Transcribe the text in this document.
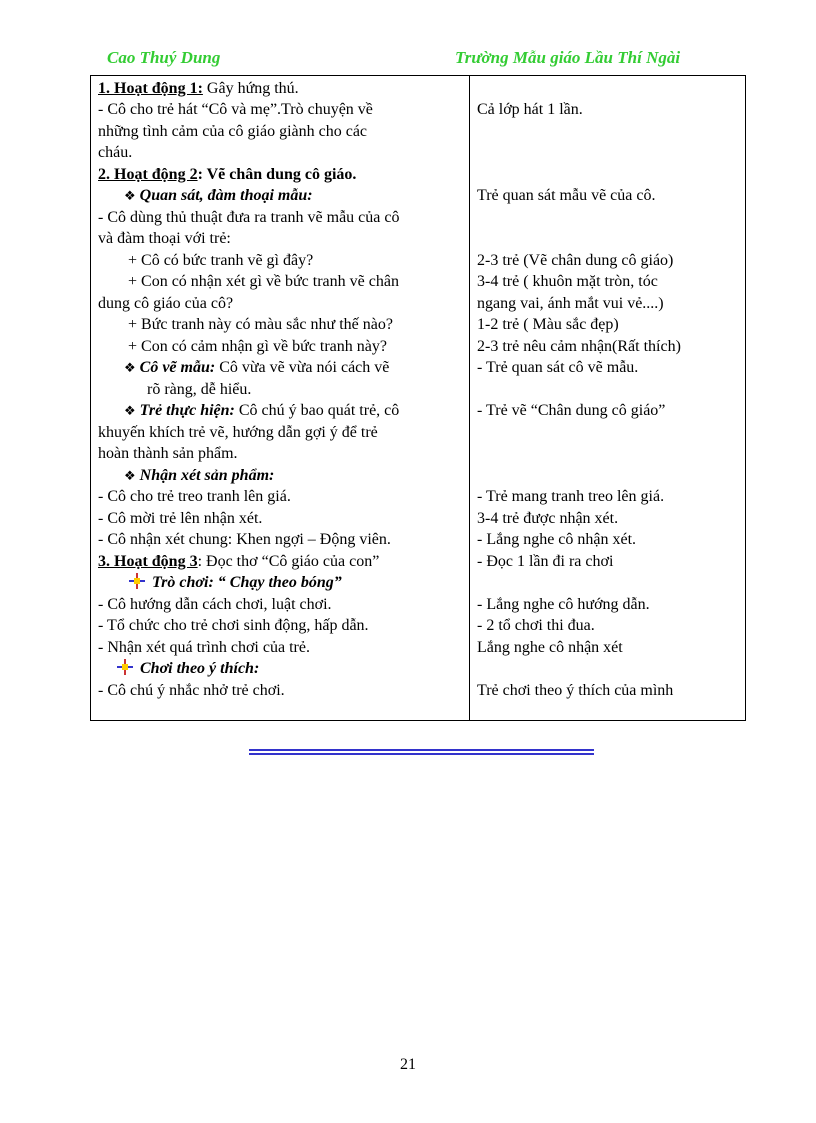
Cao Thuý Dung	Trường Mẫu giáo Lầu Thí Ngài
1. Hoạt động 1: Gây hứng thú.
- Cô cho trẻ hát “Cô và mẹ”.Trò chuyện về
những tình cảm của cô giáo giành cho các
cháu.
2. Hoạt động 2: Vẽ chân dung cô giáo.
❖ Quan sát, đàm thoại mẫu:
- Cô dùng thủ thuật đưa ra tranh vẽ mẫu của cô
và đàm thoại với trẻ:
+ Cô có bức tranh vẽ gì đây?
+ Con có nhận xét gì về bức tranh vẽ chân
dung cô giáo của cô?
+ Bức tranh này có màu sắc như thế nào?
+ Con có cảm nhận gì về bức tranh này?
❖ Cô vẽ mẫu: Cô vừa vẽ vừa nói cách vẽ
rõ ràng, dễ hiểu.
❖ Trẻ thực hiện: Cô chú ý bao quát trẻ, cô
khuyến khích trẻ vẽ, hướng dẫn gợi ý để trẻ
hoàn thành sản phẩm.
❖ Nhận xét sản phẩm:
- Cô cho trẻ treo tranh lên giá.
- Cô mời trẻ lên nhận xét.
- Cô nhận xét chung: Khen ngợi – Động viên.
3. Hoạt động 3: Đọc thơ “Cô giáo của con”
Trò chơi: “ Chạy theo bóng”
- Cô hướng dẫn cách chơi, luật chơi.
- Tổ chức cho trẻ chơi sinh động, hấp dẫn.
- Nhận xét quá trình chơi của trẻ.
Chơi theo ý thích:
- Cô chú ý nhắc nhở trẻ chơi.
Cả lớp hát 1 lần.
Trẻ quan sát mẫu vẽ của cô.
2-3 trẻ (Vẽ chân dung cô giáo)
3-4 trẻ ( khuôn mặt tròn, tóc
ngang vai, ánh mắt vui vẻ....)
1-2 trẻ ( Màu sắc đẹp)
2-3 trẻ nêu cảm nhận(Rất thích)
- Trẻ quan sát cô vẽ mẫu.
- Trẻ vẽ “Chân dung cô giáo”
- Trẻ mang tranh treo lên giá.
3-4 trẻ được nhận xét.
- Lắng nghe cô nhận xét.
- Đọc 1 lần đi ra chơi
- Lắng nghe cô hướng dẫn.
- 2 tổ chơi thi đua.
Lắng nghe cô nhận xét
Trẻ chơi theo ý thích của mình
21
